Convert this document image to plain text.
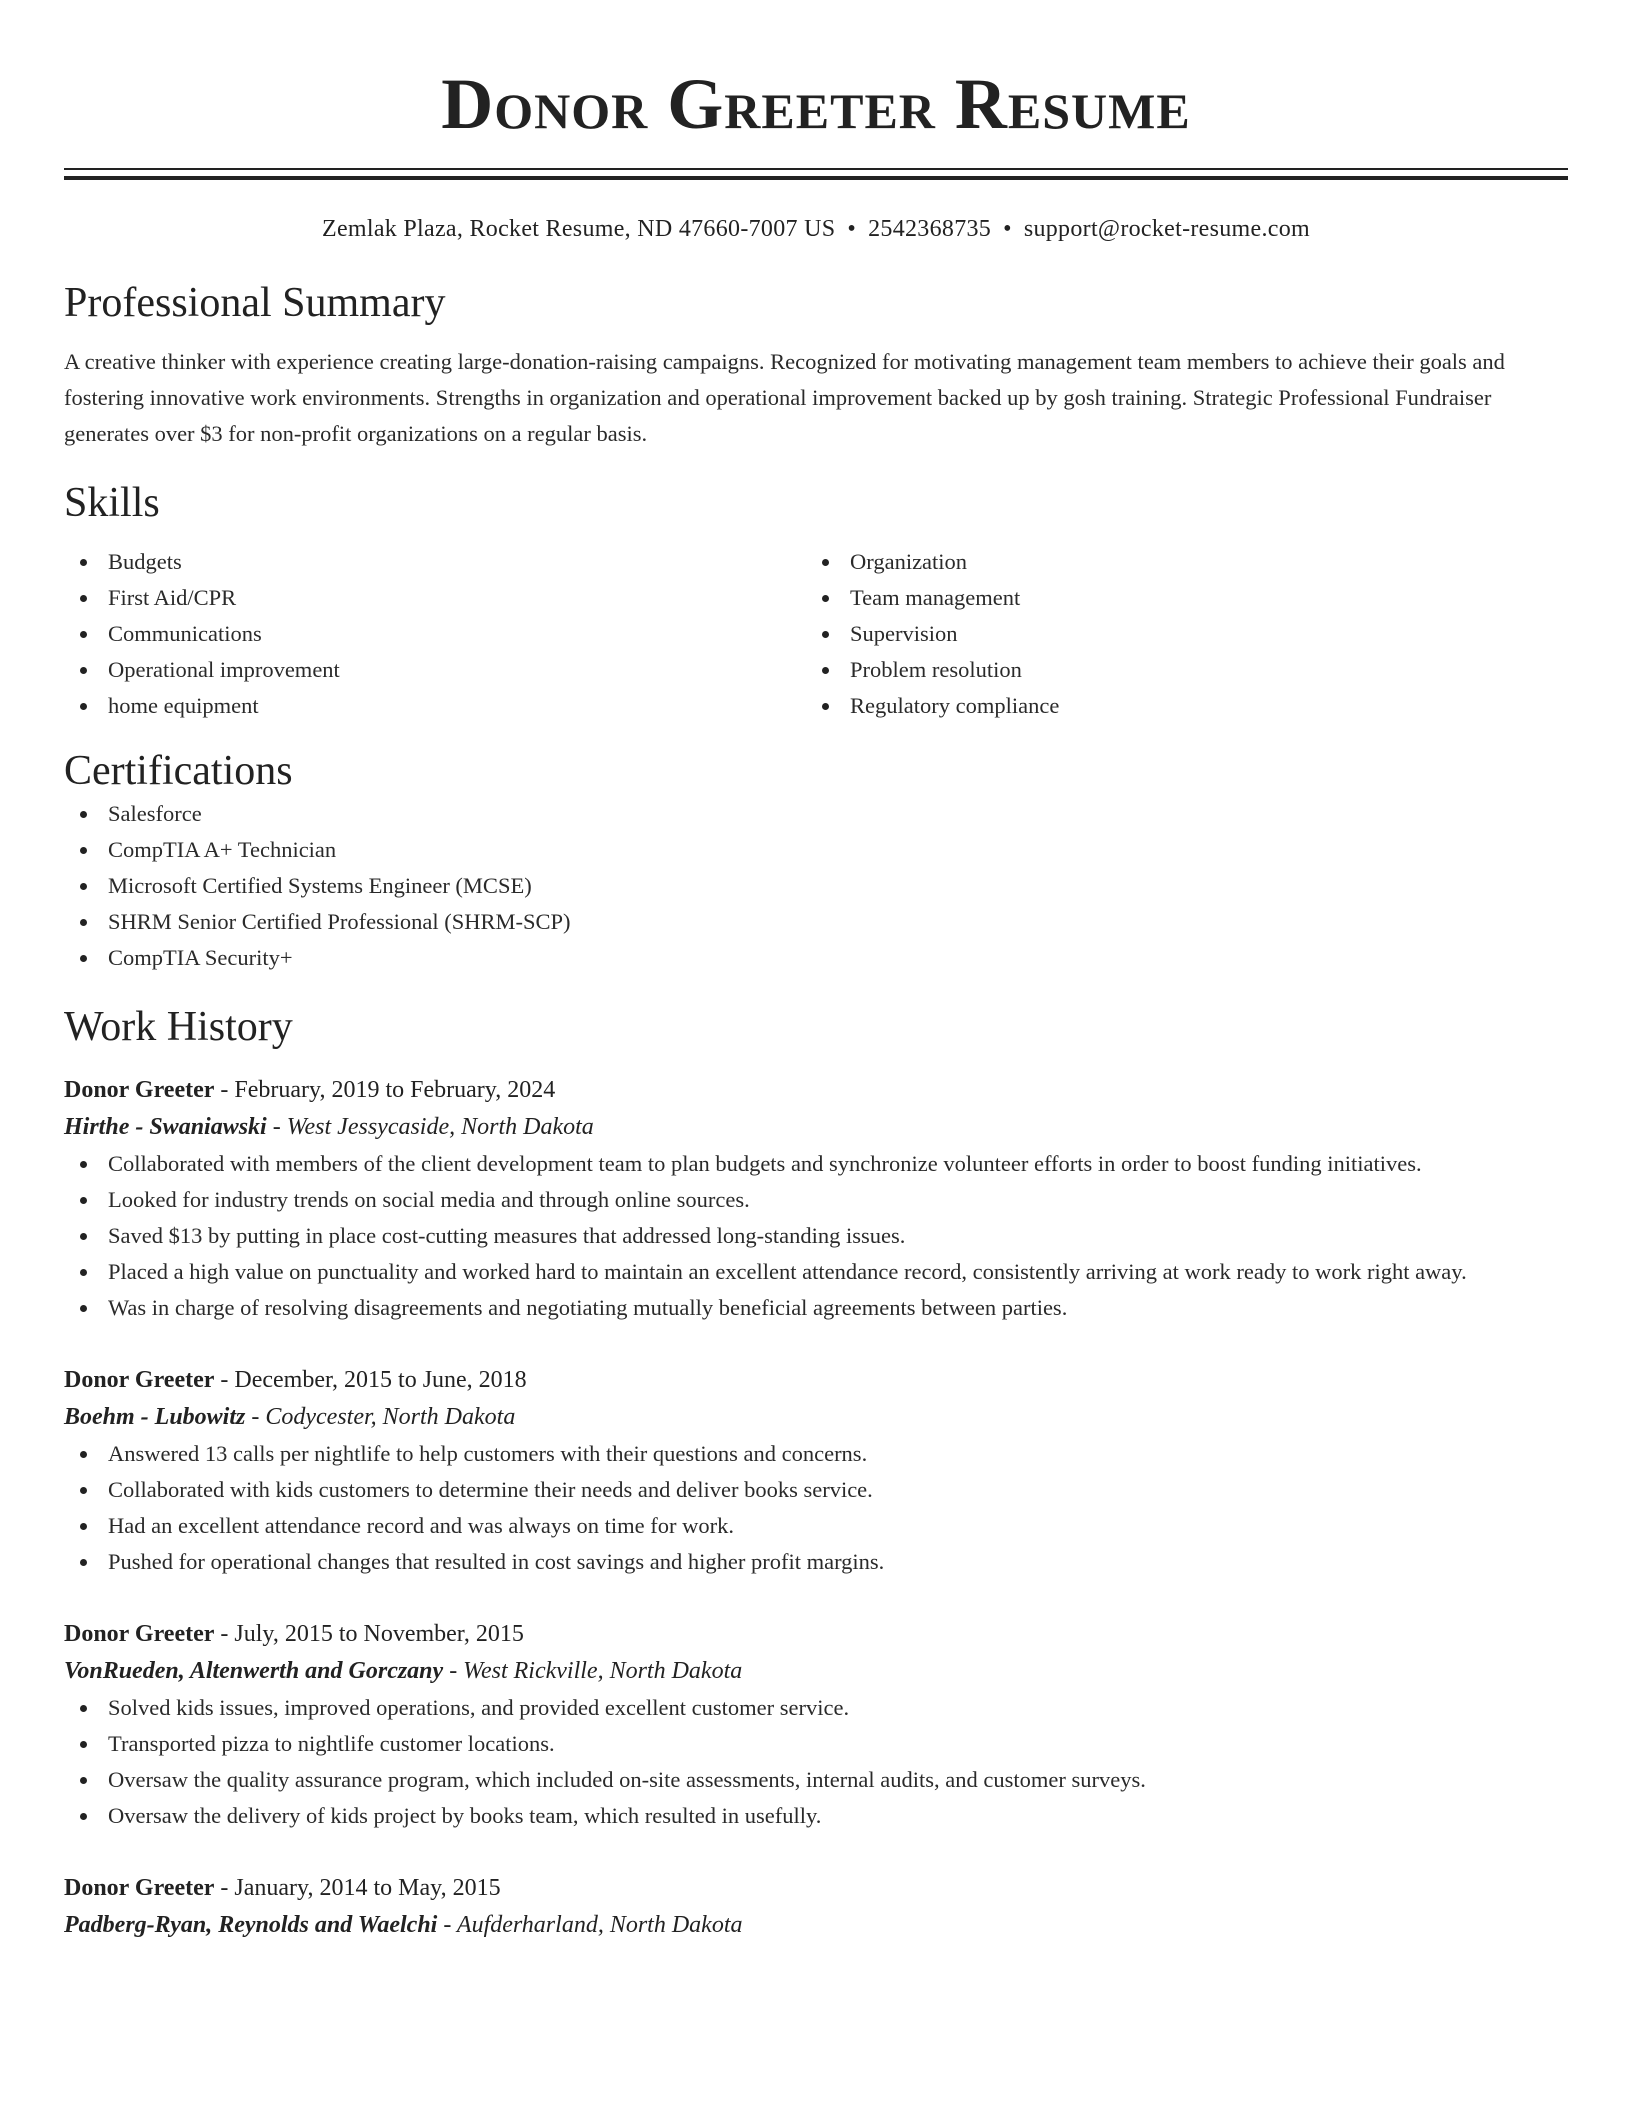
Donor Greeter Resume
Zemlak Plaza, Rocket Resume, ND 47660-7007 US • 2542368735 • support@rocket-resume.com
Professional Summary

A creative thinker with experience creating large-donation-raising campaigns. Recognized for motivating management team members to achieve their goals and fostering innovative work environments. Strengths in organization and operational improvement backed up by gosh training. Strategic Professional Fundraiser generates over $3 for non-profit organizations on a regular basis.

Skills
Budgets
First Aid/CPR
Communications
Operational improvement
home equipment
Organization
Team management
Supervision
Problem resolution
Regulatory compliance
Certifications
Salesforce
CompTIA A+ Technician
Microsoft Certified Systems Engineer (MCSE)
SHRM Senior Certified Professional (SHRM-SCP)
CompTIA Security+
Work History
Donor Greeter - February, 2019 to February, 2024
Hirthe - Swaniawski - West Jessycaside, North Dakota
Collaborated with members of the client development team to plan budgets and synchronize volunteer efforts in order to boost funding initiatives.
Looked for industry trends on social media and through online sources.
Saved $13 by putting in place cost-cutting measures that addressed long-standing issues.
Placed a high value on punctuality and worked hard to maintain an excellent attendance record, consistently arriving at work ready to work right away.
Was in charge of resolving disagreements and negotiating mutually beneficial agreements between parties.
Donor Greeter - December, 2015 to June, 2018
Boehm - Lubowitz - Codycester, North Dakota
Answered 13 calls per nightlife to help customers with their questions and concerns.
Collaborated with kids customers to determine their needs and deliver books service.
Had an excellent attendance record and was always on time for work.
Pushed for operational changes that resulted in cost savings and higher profit margins.
Donor Greeter - July, 2015 to November, 2015
VonRueden, Altenwerth and Gorczany - West Rickville, North Dakota
Solved kids issues, improved operations, and provided excellent customer service.
Transported pizza to nightlife customer locations.
Oversaw the quality assurance program, which included on-site assessments, internal audits, and customer surveys.
Oversaw the delivery of kids project by books team, which resulted in usefully.
Donor Greeter - January, 2014 to May, 2015
Padberg-Ryan, Reynolds and Waelchi - Aufderharland, North Dakota
